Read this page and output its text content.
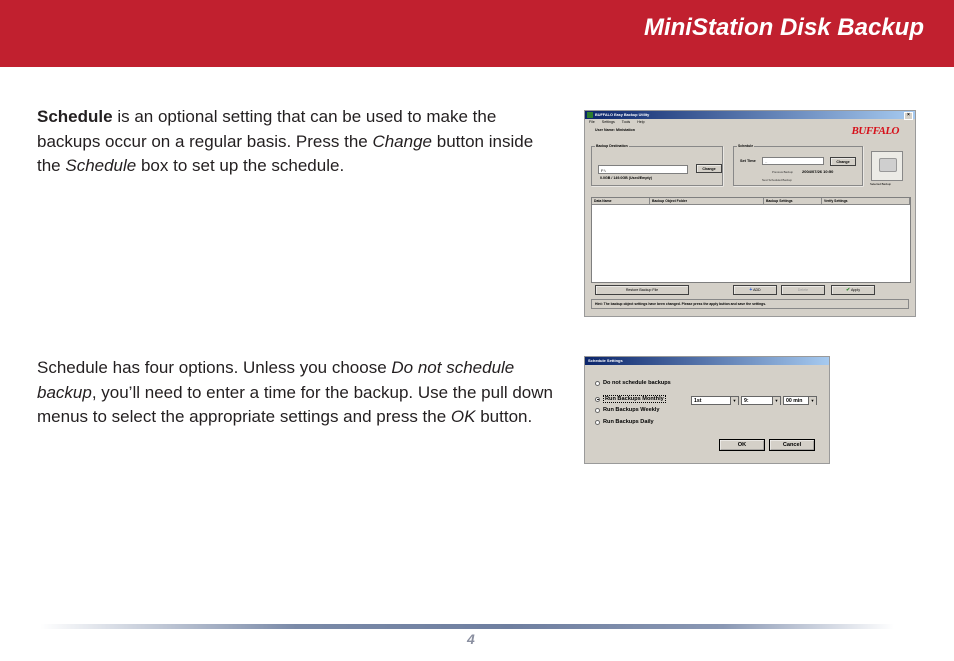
MiniStation Disk Backup

Schedule is an optional setting that can be used to make the backups occur on a regular basis. Press the Change button inside the Schedule box to set up the schedule.

Schedule has four options. Unless you choose Do not schedule backup, you’ll need to enter a time for the backup. Use the pull down menus to select the appropriate settings and press the OK button.

BUFFALO Easy Backup Utility	×
File Settings Tools Help
User Name: Ministation	BUFFALO
Backup Destination
F:\	Change
0.0GB / 149.0GB (Used/Empty)
Schedule
Set Time	--	Change
Previous Backup 2004/07/26 10:50
Next Scheduled Backup
Selected Backup
Data Name	Backup Object Folder	Backup Settings	Verify Settings
Restore Backup File	+ ADD	Delete	✔ Apply
Hint: The backup object settings have been changed. Please press the apply button and save the settings.
Schedule Settings
Do not schedule backups
Run Backups Monthly
Run Backups Weekly
Run Backups Daily
1st	▼	9:	▼	00 min	▼
OK	Cancel
4
